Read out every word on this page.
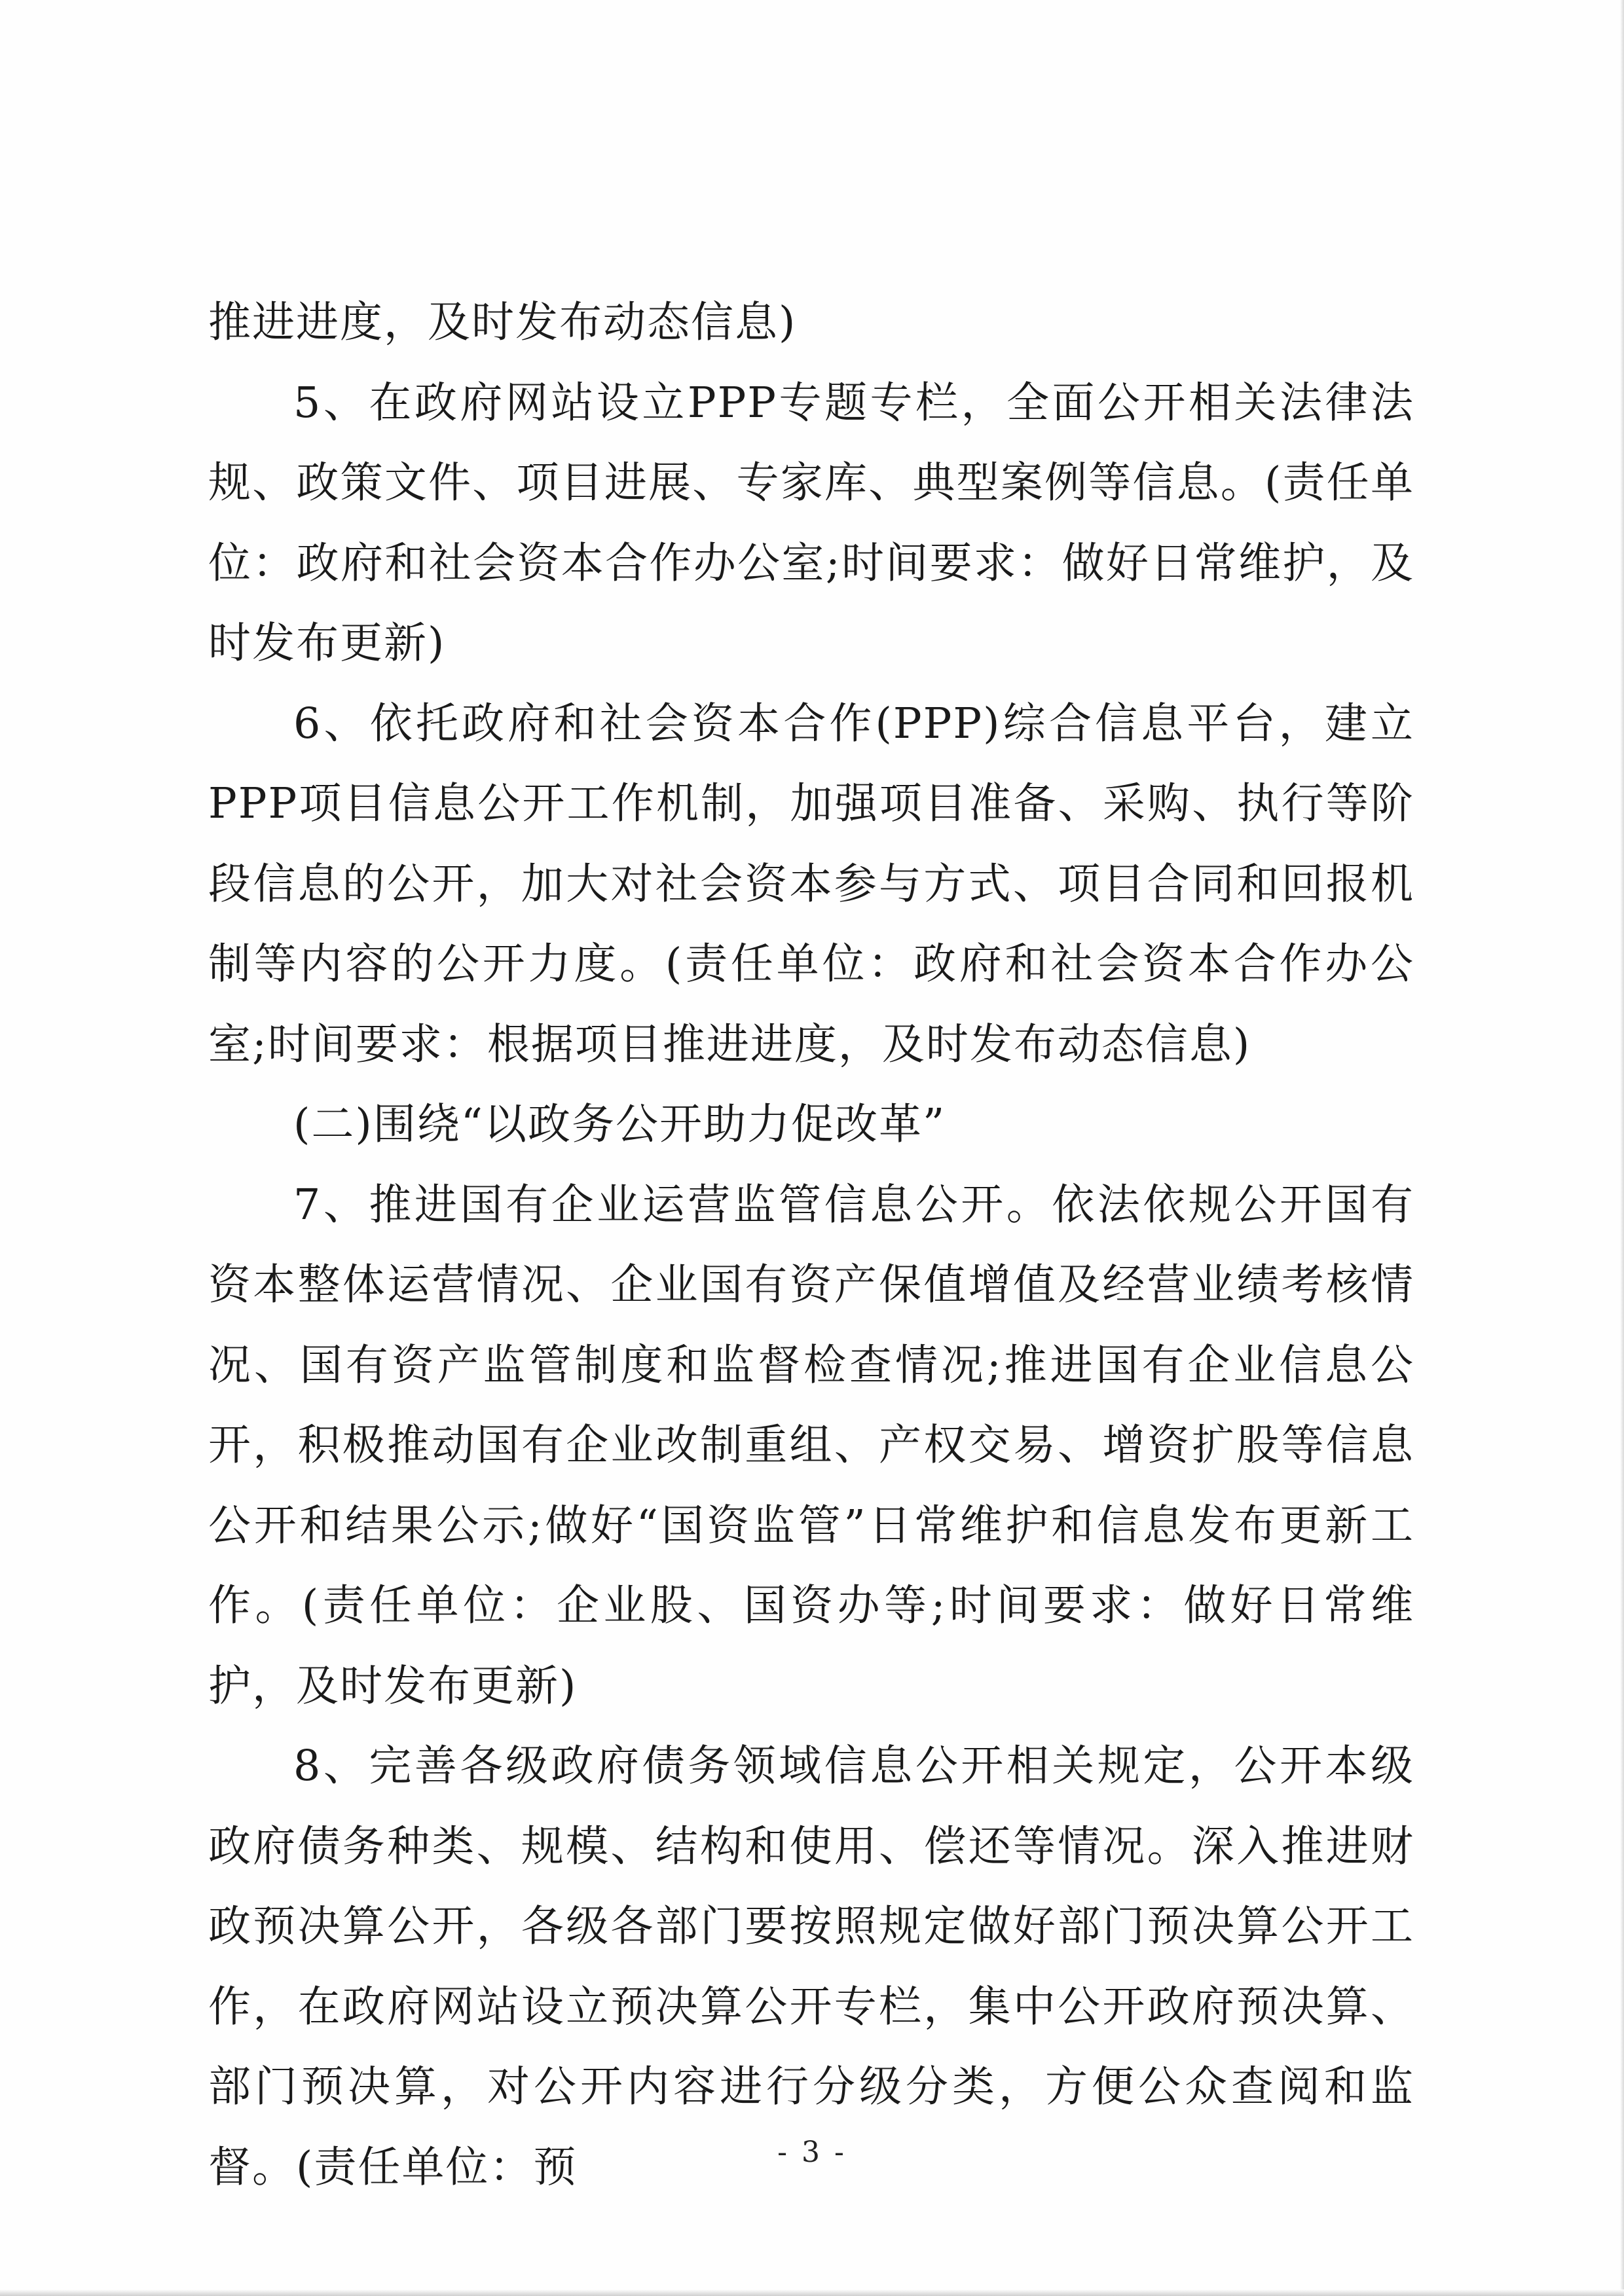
推进进度，及时发布动态信息)

5、在政府网站设立PPP专题专栏，全面公开相关法律法规、政策文件、项目进展、专家库、典型案例等信息。(责任单位：政府和社会资本合作办公室;时间要求：做好日常维护，及时发布更新)

6、依托政府和社会资本合作(PPP)综合信息平台，建立PPP项目信息公开工作机制，加强项目准备、采购、执行等阶段信息的公开，加大对社会资本参与方式、项目合同和回报机制等内容的公开力度。(责任单位：政府和社会资本合作办公室;时间要求：根据项目推进进度，及时发布动态信息)

(二)围绕“以政务公开助力促改革”

7、推进国有企业运营监管信息公开。依法依规公开国有资本整体运营情况、企业国有资产保值增值及经营业绩考核情况、国有资产监管制度和监督检查情况;推进国有企业信息公开，积极推动国有企业改制重组、产权交易、增资扩股等信息公开和结果公示;做好“国资监管”日常维护和信息发布更新工作。(责任单位：企业股、国资办等;时间要求：做好日常维护，及时发布更新)

8、完善各级政府债务领域信息公开相关规定，公开本级政府债务种类、规模、结构和使用、偿还等情况。深入推进财政预决算公开，各级各部门要按照规定做好部门预决算公开工作，在政府网站设立预决算公开专栏，集中公开政府预决算、部门预决算，对公开内容进行分级分类，方便公众查阅和监督。(责任单位：预	- 3 -
